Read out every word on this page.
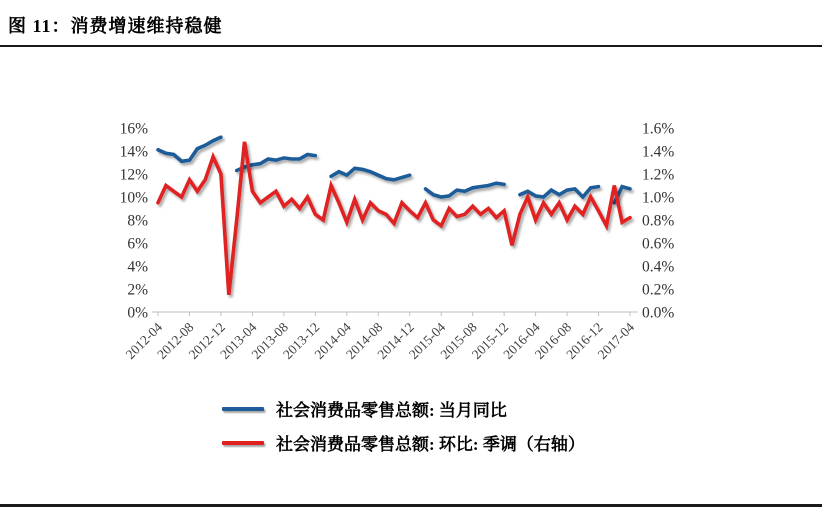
图 11：消费增速维持稳健
0%
2%
4%
6%
8%
10%
12%
14%
16%
0.0%
0.2%
0.4%
0.6%
0.8%
1.0%
1.2%
1.4%
1.6%
2012-04
2012-08
2012-12
2013-04
2013-08
2013-12
2014-04
2014-08
2014-12
2015-04
2015-08
2015-12
2016-04
2016-08
2016-12
2017-04
社会消费品零售总额: 当月同比
社会消费品零售总额: 环比: 季调（右轴）
